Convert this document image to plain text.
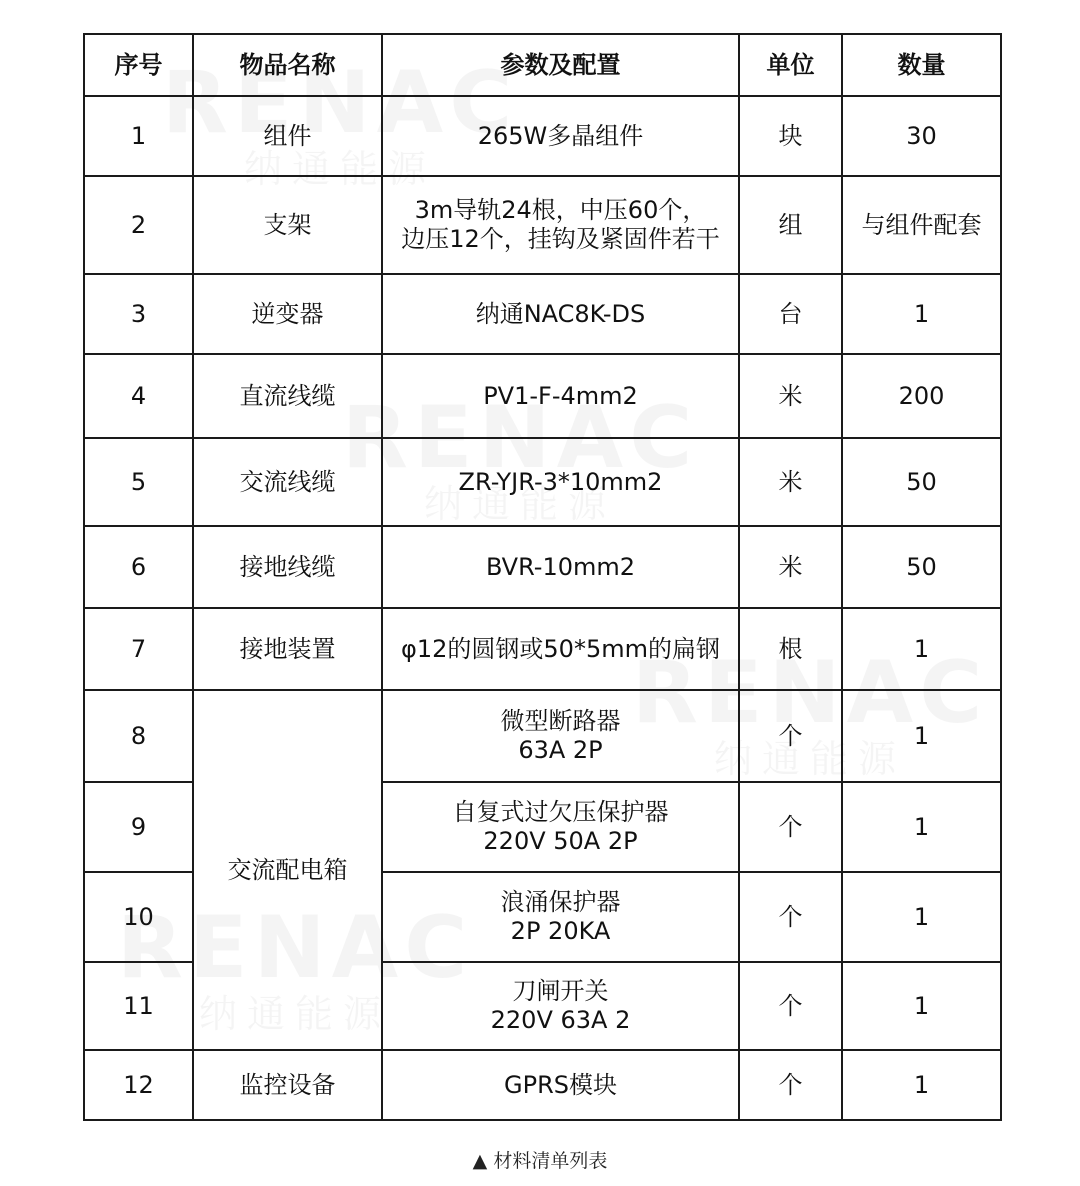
序号	物品名称	参数及配置	单位	数量
1	组件	265W多晶组件	块	30
2	支架	3m导轨24根，中压60个，
边压12个，挂钩及紧固件若干	组	与组件配套
3	逆变器	纳通NAC8K-DS	台	1
4	直流线缆	PV1-F-4mm2	米	200
5	交流线缆	ZR-YJR-3*10mm2	米	50
6	接地线缆	BVR-10mm2	米	50
7	接地装置	φ12的圆钢或50*5mm的扁钢	根	1
8	交流配电箱	微型断路器
63A 2P	个	1
9		自复式过欠压保护器
220V 50A 2P	个	1
10		浪涌保护器
2P 20KA	个	1
11		刀闸开关
220V 63A 2	个	1
12	监控设备	GPRS模块	个	1
▲ 材料清单列表
